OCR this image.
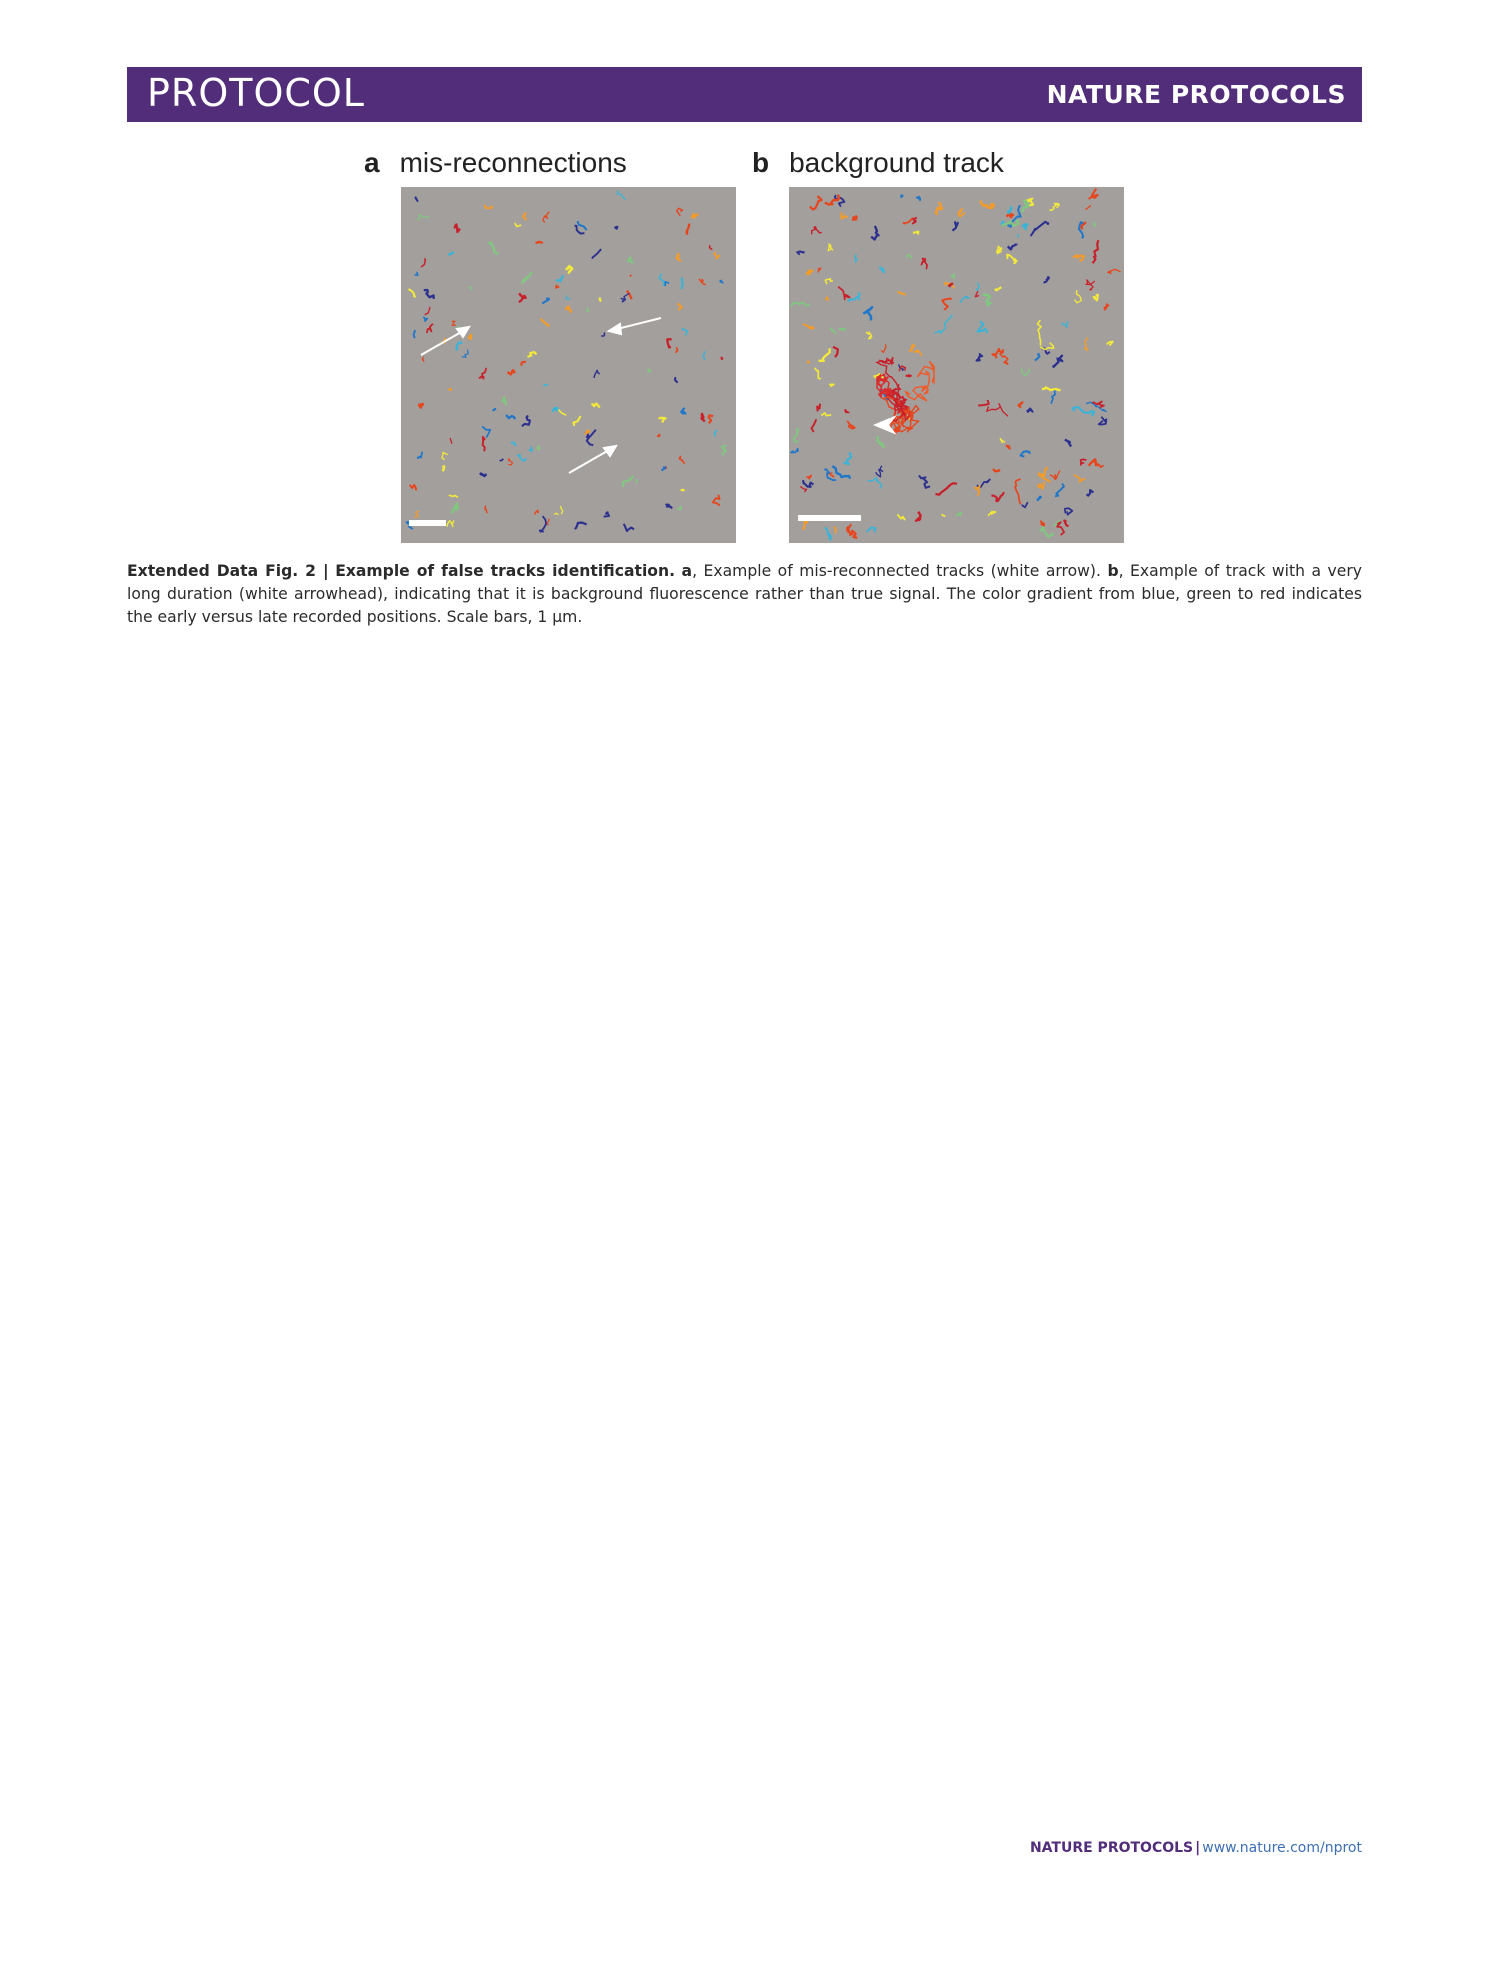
PROTOCOL	NATURE PROTOCOLS
a mis-reconnections	b background track
Extended Data Fig. 2 | Example of false tracks identification. a, Example of mis-reconnected tracks (white arrow). b, Example of track with a very long duration (white arrowhead), indicating that it is background fluorescence rather than true signal. The color gradient from blue, green to red indicates the early versus late recorded positions. Scale bars, 1 μm.
NATURE PROTOCOLS | www.nature.com/nprot
